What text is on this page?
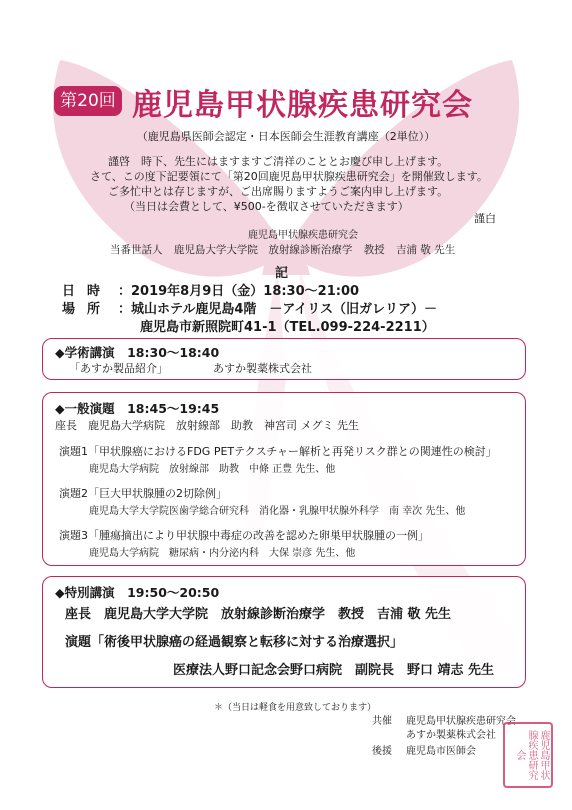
第20回 鹿児島甲状腺疾患研究会
（鹿児島県医師会認定・日本医師会生涯教育講座（2単位））
謹啓　時下、先生にはますますご清祥のこととお慶び申し上げます。
さて、この度下記要領にて「第20回鹿児島甲状腺疾患研究会」を開催致します。
ご多忙中とは存じますが、ご出席賜りますようご案内申し上げます。
（当日は会費として、¥500-を徴収させていただきます）
謹白
鹿児島甲状腺疾患研究会
当番世話人 鹿児島大学大学院　放射線診断治療学 教授 吉浦 敬 先生
記
日時 ：2019年8月9日（金）18:30～21:00
場所 ：城山ホテル鹿児島4階　－アイリス（旧ガレリア）－
鹿児島市新照院町41-1（TEL.099-224-2211）
◆学術講演　18:30～18:40
「あすか製品紹介」	あすか製薬株式会社
◆一般演題　18:45～19:45
座長　鹿児島大学病院　放射線部　助教　神宮司 メグミ 先生
演題1「甲状腺癌におけるFDG PETテクスチャー解析と再発リスク群との関連性の検討」
鹿児島大学病院　放射線部　助教　中條 正豊 先生、他
演題2「巨大甲状腺腫の2切除例」
鹿児島大学大学院医歯学総合研究科　消化器・乳腺甲状腺外科学　南 幸次 先生、他
演題3「腫瘍摘出により甲状腺中毒症の改善を認めた卵巣甲状腺腫の一例」
鹿児島大学病院　糖尿病・内分泌内科　大保 崇彦 先生、他
◆特別講演　19:50～20:50
座長　鹿児島大学大学院　放射線診断治療学　教授　吉浦 敬 先生
演題「術後甲状腺癌の経過観察と転移に対する治療選択」
医療法人野口記念会野口病院　副院長　野口 靖志 先生
＊（当日は軽食を用意致しております）
共催 鹿児島甲状腺疾患研究会
あすか製薬株式会社
後援 鹿児島市医師会	鹿児島甲状腺疾患研究会
